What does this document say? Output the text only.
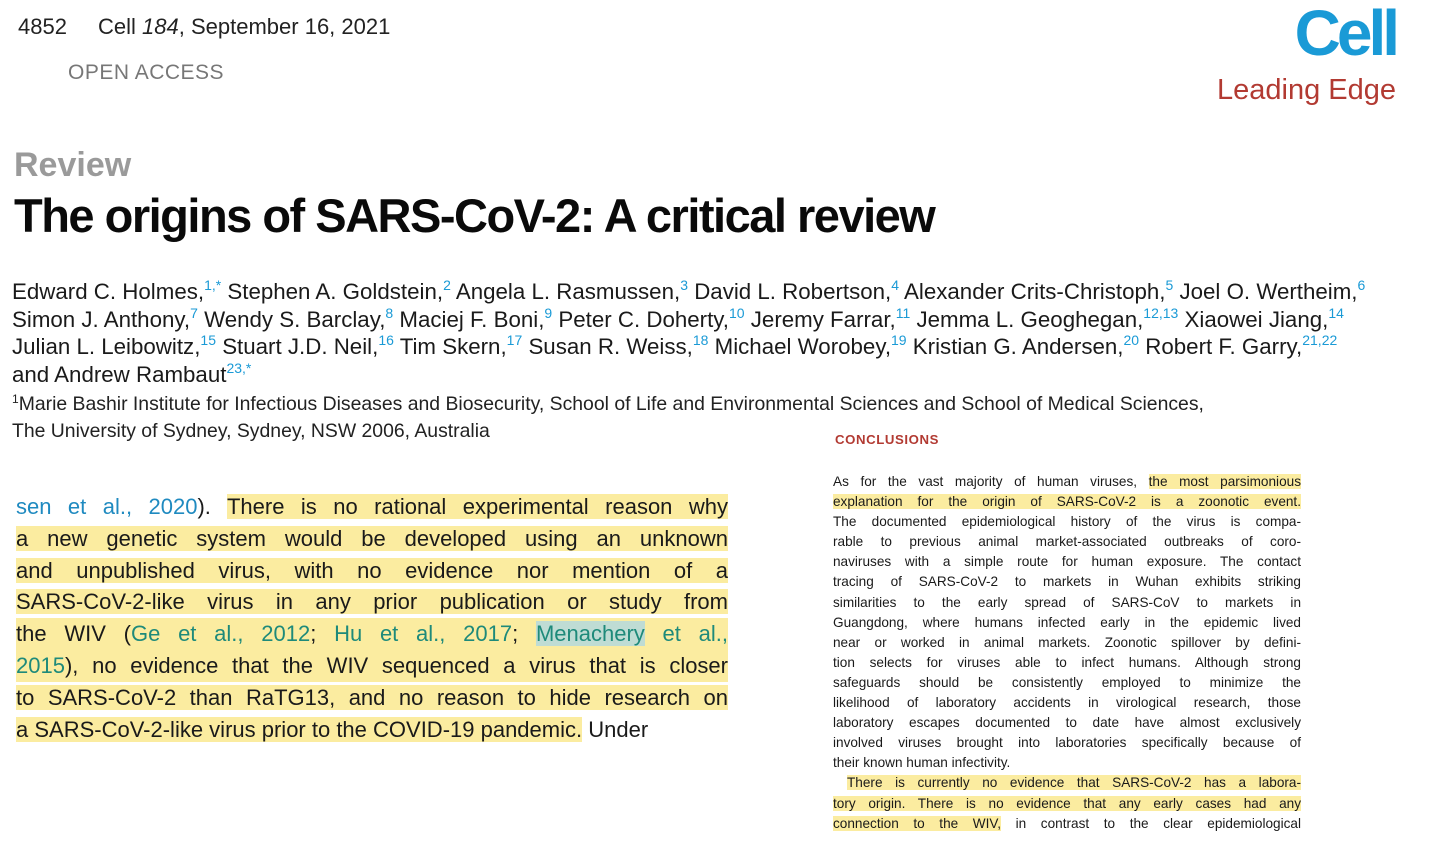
4852 Cell 184, September 16, 2021
OPEN ACCESS
Cell
Leading Edge
Review
The origins of SARS-CoV-2: A critical review
Edward C. Holmes,$^{1,*}$ Stephen A. Goldstein,$^2$ Angela L. Rasmussen,$^3$ David L. Robertson,$^4$ Alexander Crits-Christoph,$^5$ Joel O. Wertheim,$^6$ Simon J. Anthony,$^7$ Wendy S. Barclay,$^8$ Maciej F. Boni,$^9$ Peter C. Doherty,$^{10}$ Jeremy Farrar,$^{11}$ Jemma L. Geoghegan,$^{12,13}$ Xiaowei Jiang,$^{14}$ Julian L. Leibowitz,$^{15}$ Stuart J.D. Neil,$^{16}$ Tim Skern,$^{17}$ Susan R. Weiss,$^{18}$ Michael Worobey,$^{19}$ Kristian G. Andersen,$^{20}$ Robert F. Garry,$^{21,22}$ and Andrew Rambaut$^{23,*}$
$^1$Marie Bashir Institute for Infectious Diseases and Biosecurity, School of Life and Environmental Sciences and School of Medical Sciences,
The University of Sydney, Sydney, NSW 2006, Australia
sen et al., 2020). There is no rational experimental reason why
a new genetic system would be developed using an unknown
and unpublished virus, with no evidence nor mention of a
SARS-CoV-2-like virus in any prior publication or study from
the WIV (Ge et al., 2012; Hu et al., 2017; Menachery et al.,
2015), no evidence that the WIV sequenced a virus that is closer
to SARS-CoV-2 than RaTG13, and no reason to hide research on
a SARS-CoV-2-like virus prior to the COVID-19 pandemic. Under
CONCLUSIONS
As for the vast majority of human viruses, the most parsimonious
explanation for the origin of SARS-CoV-2 is a zoonotic event.
The documented epidemiological history of the virus is compa-
rable to previous animal market-associated outbreaks of coro-
naviruses with a simple route for human exposure. The contact
tracing of SARS-CoV-2 to markets in Wuhan exhibits striking
similarities to the early spread of SARS-CoV to markets in
Guangdong, where humans infected early in the epidemic lived
near or worked in animal markets. Zoonotic spillover by defini-
tion selects for viruses able to infect humans. Although strong
safeguards should be consistently employed to minimize the
likelihood of laboratory accidents in virological research, those
laboratory escapes documented to date have almost exclusively
involved viruses brought into laboratories specifically because of
their known human infectivity.
There is currently no evidence that SARS-CoV-2 has a labora-
tory origin. There is no evidence that any early cases had any
connection to the WIV, in contrast to the clear epidemiological
